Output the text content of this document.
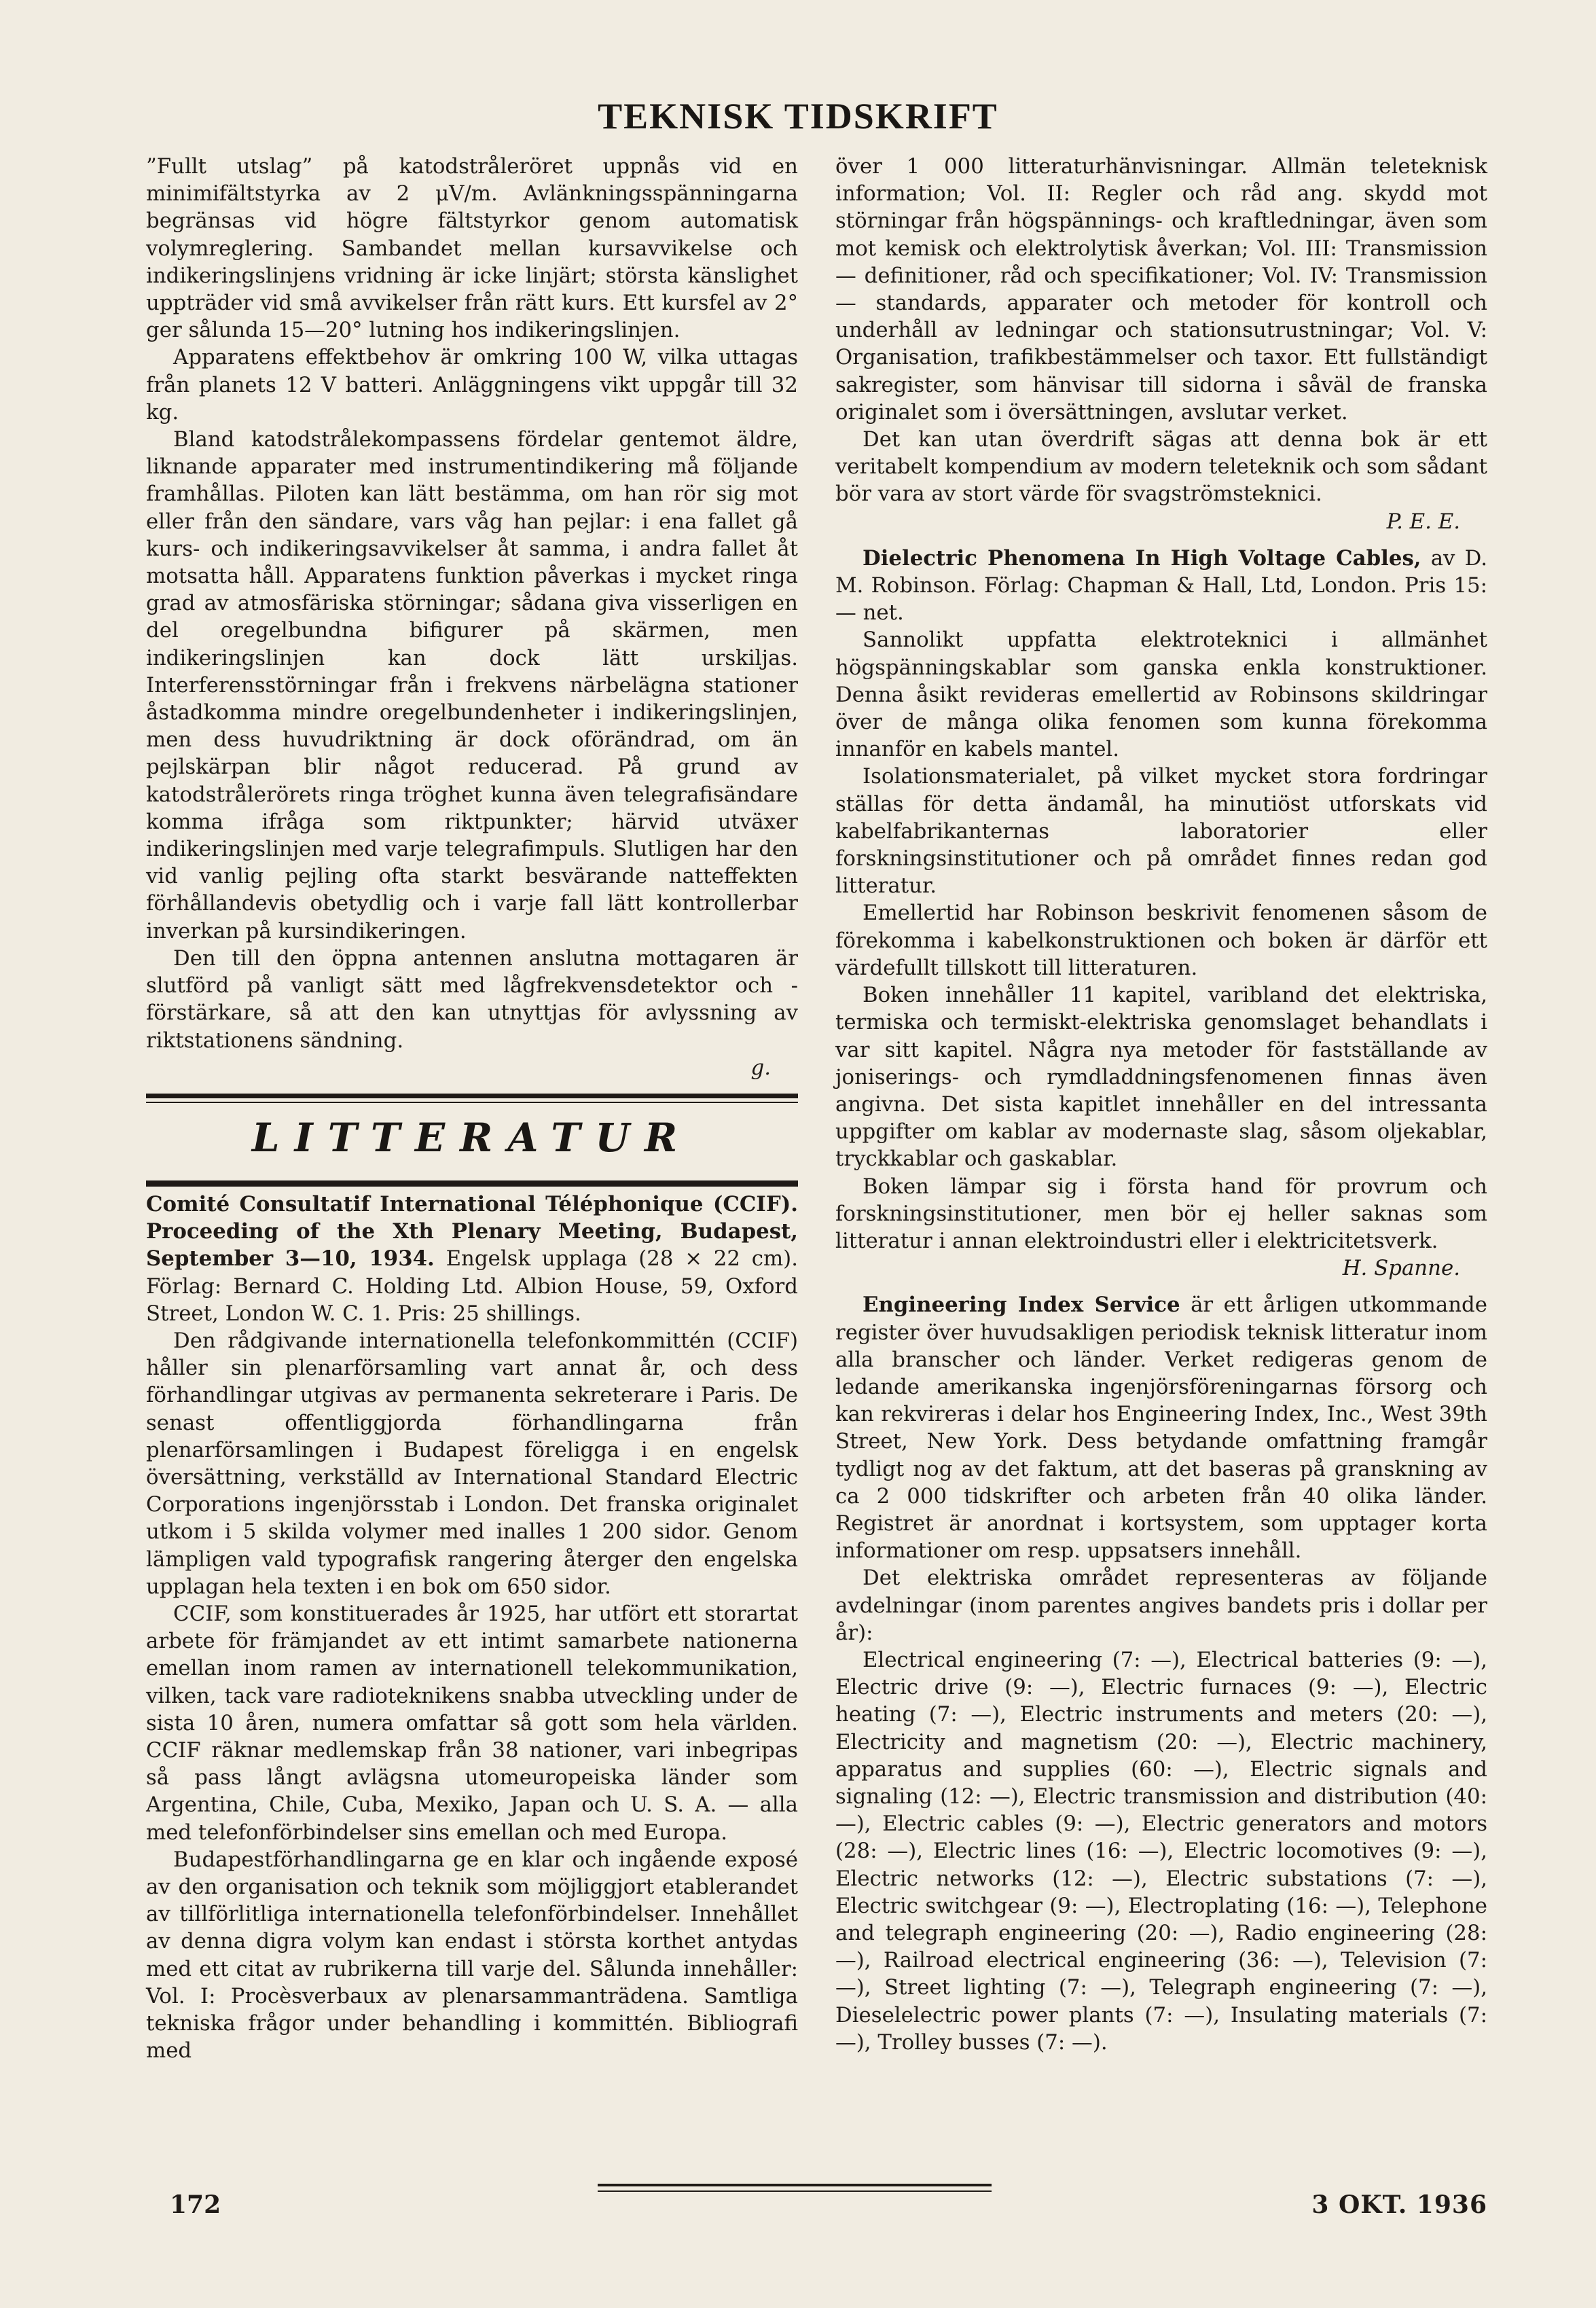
TEKNISK TIDSKRIFT

”Fullt utslag” på katodstråleröret uppnås vid en minimifältstyrka av 2 μV/m. Avlänkningsspänningarna begränsas vid högre fältstyrkor genom automatisk volymreglering. Sambandet mellan kursavvikelse och indikeringslinjens vridning är icke linjärt; största känslighet uppträder vid små avvikelser från rätt kurs. Ett kursfel av 2° ger sålunda 15—20° lutning hos indikeringslinjen.

Apparatens effektbehov är omkring 100 W, vilka uttagas från planets 12 V batteri. Anläggningens vikt uppgår till 32 kg.

Bland katodstrålekompassens fördelar gentemot äldre, liknande apparater med instrumentindikering må följande framhållas. Piloten kan lätt bestämma, om han rör sig mot eller från den sändare, vars våg han pejlar: i ena fallet gå kurs- och indikeringsavvikelser åt samma, i andra fallet åt motsatta håll. Apparatens funktion påverkas i mycket ringa grad av atmosfäriska störningar; sådana giva visserligen en del oregelbundna bifigurer på skärmen, men indikeringslinjen kan dock lätt urskiljas. Interferensstörningar från i frekvens närbelägna stationer åstadkomma mindre oregelbundenheter i indikeringslinjen, men dess huvudriktning är dock oförändrad, om än pejlskärpan blir något reducerad. På grund av katodstrålerörets ringa tröghet kunna även telegrafisändare komma ifråga som riktpunkter; härvid utväxer indikeringslinjen med varje telegrafimpuls. Slutligen har den vid vanlig pejling ofta starkt besvärande natteffekten förhållandevis obetydlig och i varje fall lätt kontrollerbar inverkan på kursindikeringen.

Den till den öppna antennen anslutna mottagaren är slutförd på vanligt sätt med lågfrekvensdetektor och -förstärkare, så att den kan utnyttjas för avlyssning av riktstationens sändning.

g.
LITTERATUR

Comité Consultatif International Téléphonique (CCIF). Proceeding of the Xth Plenary Meeting, Budapest, September 3—10, 1934. Engelsk upplaga (28 × 22 cm). Förlag: Bernard C. Holding Ltd. Albion House, 59, Oxford Street, London W. C. 1. Pris: 25 shillings.

Den rådgivande internationella telefonkommittén (CCIF) håller sin plenarförsamling vart annat år, och dess förhandlingar utgivas av permanenta sekreterare i Paris. De senast offentliggjorda förhandlingarna från plenarförsamlingen i Budapest föreligga i en engelsk översättning, verkställd av International Standard Electric Corporations ingenjörsstab i London. Det franska originalet utkom i 5 skilda volymer med inalles 1 200 sidor. Genom lämpligen vald typografisk rangering återger den engelska upplagan hela texten i en bok om 650 sidor.

CCIF, som konstituerades år 1925, har utfört ett storartat arbete för främjandet av ett intimt samarbete nationerna emellan inom ramen av internationell telekommunikation, vilken, tack vare radioteknikens snabba utveckling under de sista 10 åren, numera omfattar så gott som hela världen. CCIF räknar medlemskap från 38 nationer, vari inbegripas så pass långt avlägsna utomeuropeiska länder som Argentina, Chile, Cuba, Mexiko, Japan och U. S. A. — alla med telefonförbindelser sins emellan och med Europa.

Budapestförhandlingarna ge en klar och ingående exposé av den organisation och teknik som möjliggjort etablerandet av tillförlitliga internationella telefonförbindelser. Innehållet av denna digra volym kan endast i största korthet antydas med ett citat av rubrikerna till varje del. Sålunda innehåller: Vol. I: Procèsverbaux av plenarsammanträdena. Samtliga tekniska frågor under behandling i kommittén. Bibliografi med

över 1 000 litteraturhänvisningar. Allmän teleteknisk information; Vol. II: Regler och råd ang. skydd mot störningar från högspännings- och kraftledningar, även som mot kemisk och elektrolytisk åverkan; Vol. III: Transmission — definitioner, råd och specifikationer; Vol. IV: Transmission — standards, apparater och metoder för kontroll och underhåll av ledningar och stationsutrustningar; Vol. V: Organisation, trafikbestämmelser och taxor. Ett fullständigt sakregister, som hänvisar till sidorna i såväl de franska originalet som i översättningen, avslutar verket.

Det kan utan överdrift sägas att denna bok är ett veritabelt kompendium av modern teleteknik och som sådant bör vara av stort värde för svagströmsteknici.

P. E. E.

Dielectric Phenomena In High Voltage Cables, av D. M. Robinson. Förlag: Chapman & Hall, Ltd, London. Pris 15: — net.

Sannolikt uppfatta elektroteknici i allmänhet högspänningskablar som ganska enkla konstruktioner. Denna åsikt revideras emellertid av Robinsons skildringar över de många olika fenomen som kunna förekomma innanför en kabels mantel.

Isolationsmaterialet, på vilket mycket stora fordringar ställas för detta ändamål, ha minutiöst utforskats vid kabelfabrikanternas laboratorier eller forskningsinstitutioner och på området finnes redan god litteratur.

Emellertid har Robinson beskrivit fenomenen såsom de förekomma i kabelkonstruktionen och boken är därför ett värdefullt tillskott till litteraturen.

Boken innehåller 11 kapitel, varibland det elektriska, termiska och termiskt-elektriska genomslaget behandlats i var sitt kapitel. Några nya metoder för fastställande av joniserings- och rymdladdningsfenomenen finnas även angivna. Det sista kapitlet innehåller en del intressanta uppgifter om kablar av modernaste slag, såsom oljekablar, tryckkablar och gaskablar.

Boken lämpar sig i första hand för provrum och forskningsinstitutioner, men bör ej heller saknas som litteratur i annan elektroindustri eller i elektricitetsverk.

H. Spanne.

Engineering Index Service är ett årligen utkommande register över huvudsakligen periodisk teknisk litteratur inom alla branscher och länder. Verket redigeras genom de ledande amerikanska ingenjörsföreningarnas försorg och kan rekvireras i delar hos Engineering Index, Inc., West 39th Street, New York. Dess betydande omfattning framgår tydligt nog av det faktum, att det baseras på granskning av ca 2 000 tidskrifter och arbeten från 40 olika länder. Registret är anordnat i kortsystem, som upptager korta informationer om resp. uppsatsers innehåll.

Det elektriska området representeras av följande avdelningar (inom parentes angives bandets pris i dollar per år):

Electrical engineering (7: —), Electrical batteries (9: —), Electric drive (9: —), Electric furnaces (9: —), Electric heating (7: —), Electric instruments and meters (20: —), Electricity and magnetism (20: —), Electric machinery, apparatus and supplies (60: —), Electric signals and signaling (12: —), Electric transmission and distribution (40: —), Electric cables (9: —), Electric generators and motors (28: —), Electric lines (16: —), Electric locomotives (9: —), Electric networks (12: —), Electric substations (7: —), Electric switchgear (9: —), Electroplating (16: —), Telephone and telegraph engineering (20: —), Radio engineering (28: —), Railroad electrical engineering (36: —), Television (7: —), Street lighting (7: —), Telegraph engineering (7: —), Dieselelectric power plants (7: —), Insulating materials (7: —), Trolley busses (7: —).

172	3 OKT. 1936
